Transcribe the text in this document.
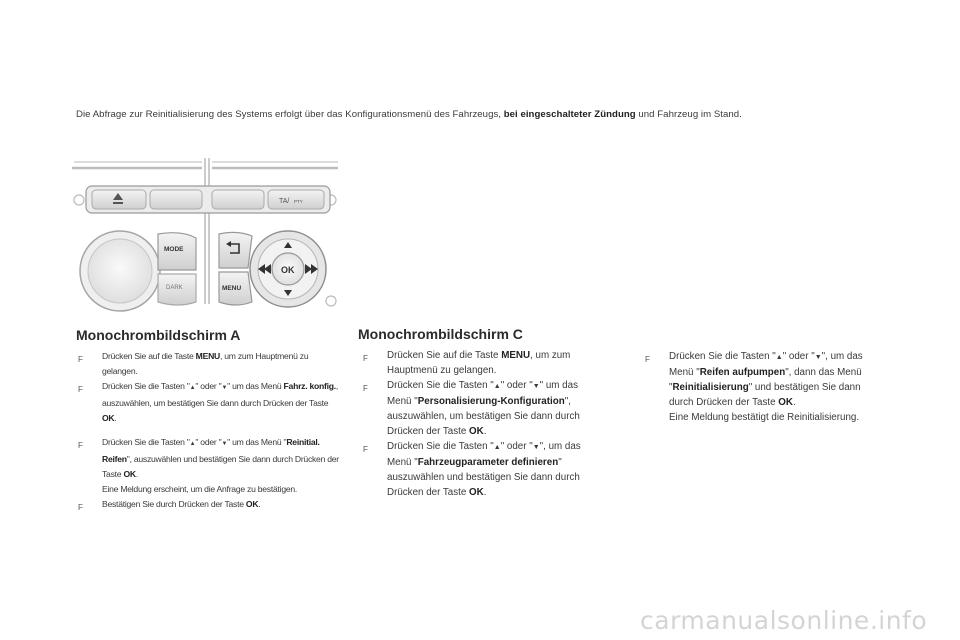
Die Abfrage zur Reinitialisierung des Systems erfolgt über das Konfigurationsmenü des Fahrzeugs, bei eingeschalteter Zündung und Fahrzeug im Stand.

MODE
DARK
TA/ PTY
MENU
OK
Monochrombildschirm A
F Drücken Sie auf die Taste MENU, um zum Hauptmenü zu gelangen.
F Drücken Sie die Tasten "▲" oder "▼" um das Menü Fahrz. konfig., auszuwählen, um bestätigen Sie dann durch Drücken der Taste OK.
F Drücken Sie die Tasten "▲" oder "▼" um das Menü "Reinitial. Reifen", auszuwählen und bestätigen Sie dann durch Drücken der Taste OK.
Eine Meldung erscheint, um die Anfrage zu bestätigen.
F Bestätigen Sie durch Drücken der Taste OK.
Monochrombildschirm C
F Drücken Sie auf die Taste MENU, um zum Hauptmenü zu gelangen.
F Drücken Sie die Tasten "▲" oder "▼" um das Menü "Personalisierung-Konfiguration", auszuwählen, um bestätigen Sie dann durch Drücken der Taste OK.
F Drücken Sie die Tasten "▲" oder "▼", um das Menü "Fahrzeugparameter definieren" auszuwählen und bestätigen Sie dann durch Drücken der Taste OK.
F Drücken Sie die Tasten "▲" oder "▼", um das Menü "Reifen aufpumpen", dann das Menü "Reinitialisierung" und bestätigen Sie dann durch Drücken der Taste OK.
Eine Meldung bestätigt die Reinitialisierung.
carmanualsonline.info
